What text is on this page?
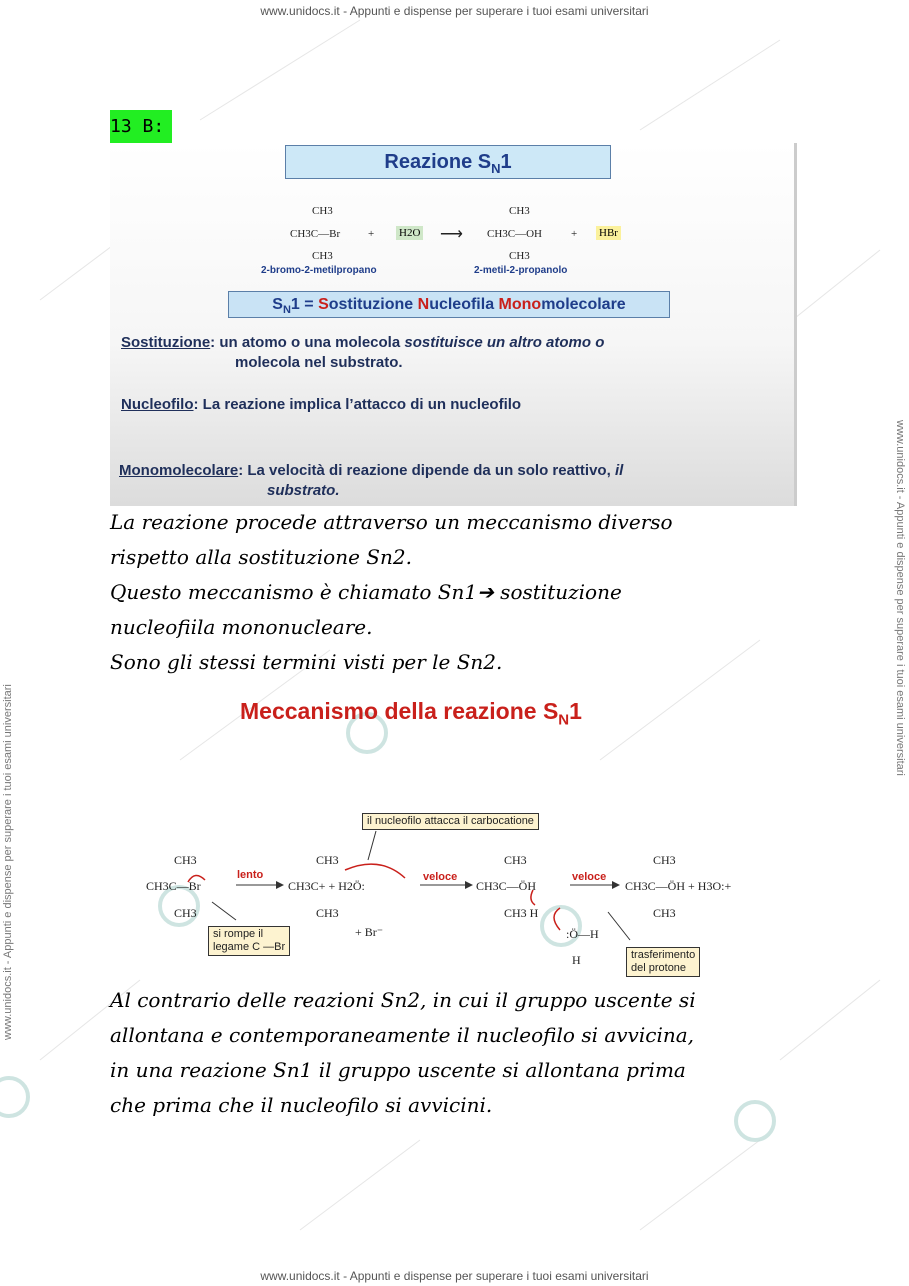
www.unidocs.it - Appunti e dispense per superare i tuoi esami universitari
www.unidocs.it - Appunti e dispense per superare i tuoi esami universitari
www.unidocs.it - Appunti e dispense per superare i tuoi esami universitari
www.unidocs.it - Appunti e dispense per superare i tuoi esami universitari
13 B:
Reazione $S_N1$
CH3
CH3C—Br
CH3
+ H2O ⟶
CH3
CH3C—OH
CH3
+ HBr
2-bromo-2-metilpropano	2-metil-2-propanolo
$S_N1$ = Sostituzione Nucleofila Monomolecolare
Sostituzione: un atomo o una molecola sostituisce un altro atomo o
molecola nel substrato.
Nucleofilo: La reazione implica l’attacco di un nucleofilo
Monomolecolare: La velocità di reazione dipende da un solo reattivo, il
substrato.
La reazione procede attraverso un meccanismo diverso
rispetto alla sostituzione Sn2.
Questo meccanismo è chiamato Sn1➔ sostituzione
nucleofiila mononucleare.
Sono gli stessi termini visti per le Sn2.
Meccanismo della reazione $S_N1$
il nucleofilo attacca il carbocatione
lento	veloce	veloce
CH3
CH3C—Br
CH3
CH3
CH3C+ + H2Ö:
CH3
+ Br⁻
CH3
CH3C—ÖH
CH3 H
:Ö—H
H
CH3
CH3C—ÖH + H3O:+
CH3
si rompe il
legame C —Br
trasferimento
del protone
Al contrario delle reazioni Sn2, in cui il gruppo uscente si
allontana e contemporaneamente il nucleofilo si avvicina,
in una reazione Sn1 il gruppo uscente si allontana prima
che prima che il nucleofilo si avvicini.
